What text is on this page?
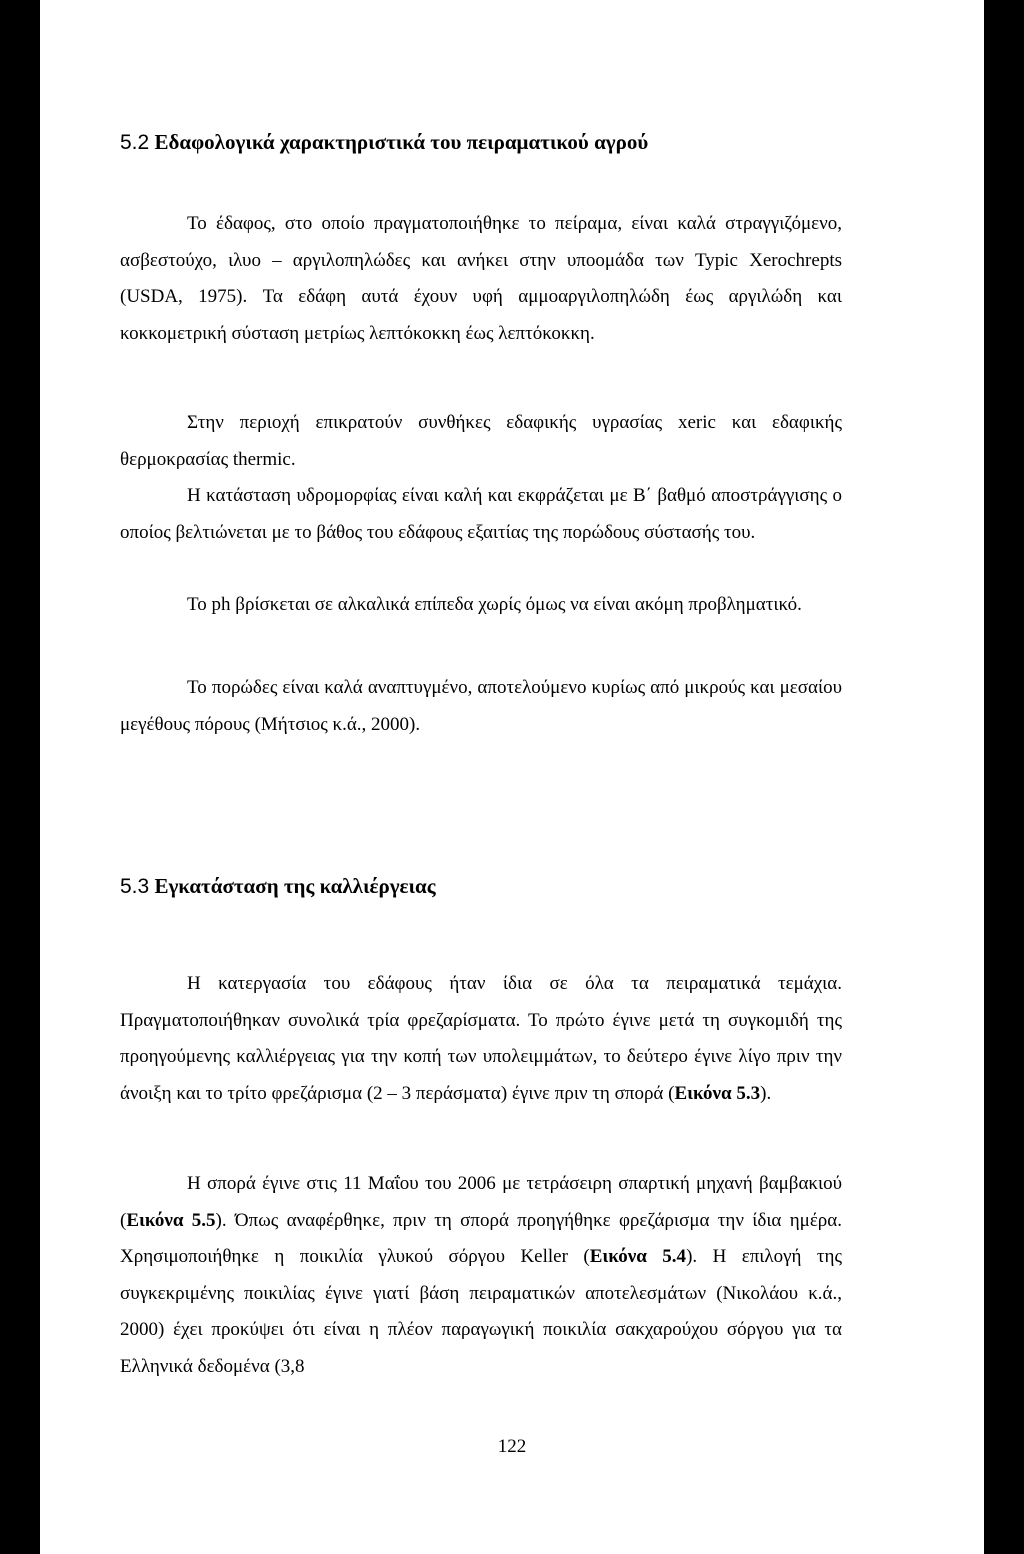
5.2 Εδαφολογικά χαρακτηριστικά του πειραματικού αγρού

Το έδαφος, στο οποίο πραγματοποιήθηκε το πείραμα, είναι καλά στραγγιζόμενο, ασβεστούχο, ιλυο – αργιλοπηλώδες και ανήκει στην υποομάδα των Typic Xerochrepts (USDA, 1975). Τα εδάφη αυτά έχουν υφή αμμοαργιλοπηλώδη έως αργιλώδη και κοκκομετρική σύσταση μετρίως λεπτόκοκκη έως λεπτόκοκκη.

Στην περιοχή επικρατούν συνθήκες εδαφικής υγρασίας xeric και εδαφικής θερμοκρασίας thermic.

Η κατάσταση υδρομορφίας είναι καλή και εκφράζεται με Β΄ βαθμό αποστράγγισης ο οποίος βελτιώνεται με το βάθος του εδάφους εξαιτίας της πορώδους σύστασής του.

Το ph βρίσκεται σε αλκαλικά επίπεδα χωρίς όμως να είναι ακόμη προβληματικό.

Το πορώδες είναι καλά αναπτυγμένο, αποτελούμενο κυρίως από μικρούς και μεσαίου μεγέθους πόρους (Μήτσιος κ.ά., 2000).

5.3 Εγκατάσταση της καλλιέργειας

Η κατεργασία του εδάφους ήταν ίδια σε όλα τα πειραματικά τεμάχια. Πραγματοποιήθηκαν συνολικά τρία φρεζαρίσματα. Το πρώτο έγινε μετά τη συγκομιδή της προηγούμενης καλλιέργειας για την κοπή των υπολειμμάτων, το δεύτερο έγινε λίγο πριν την άνοιξη και το τρίτο φρεζάρισμα (2 – 3 περάσματα) έγινε πριν τη σπορά (Εικόνα 5.3).

Η σπορά έγινε στις 11 Μαΐου του 2006 με τετράσειρη σπαρτική μηχανή βαμβακιού (Εικόνα 5.5). Όπως αναφέρθηκε, πριν τη σπορά προηγήθηκε φρεζάρισμα την ίδια ημέρα. Χρησιμοποιήθηκε η ποικιλία γλυκού σόργου Keller (Εικόνα 5.4). Η επιλογή της συγκεκριμένης ποικιλίας έγινε γιατί βάση πειραματικών αποτελεσμάτων (Νικολάου κ.ά., 2000) έχει προκύψει ότι είναι η πλέον παραγωγική ποικιλία σακχαρούχου σόργου για τα Ελληνικά δεδομένα (3,8

122
